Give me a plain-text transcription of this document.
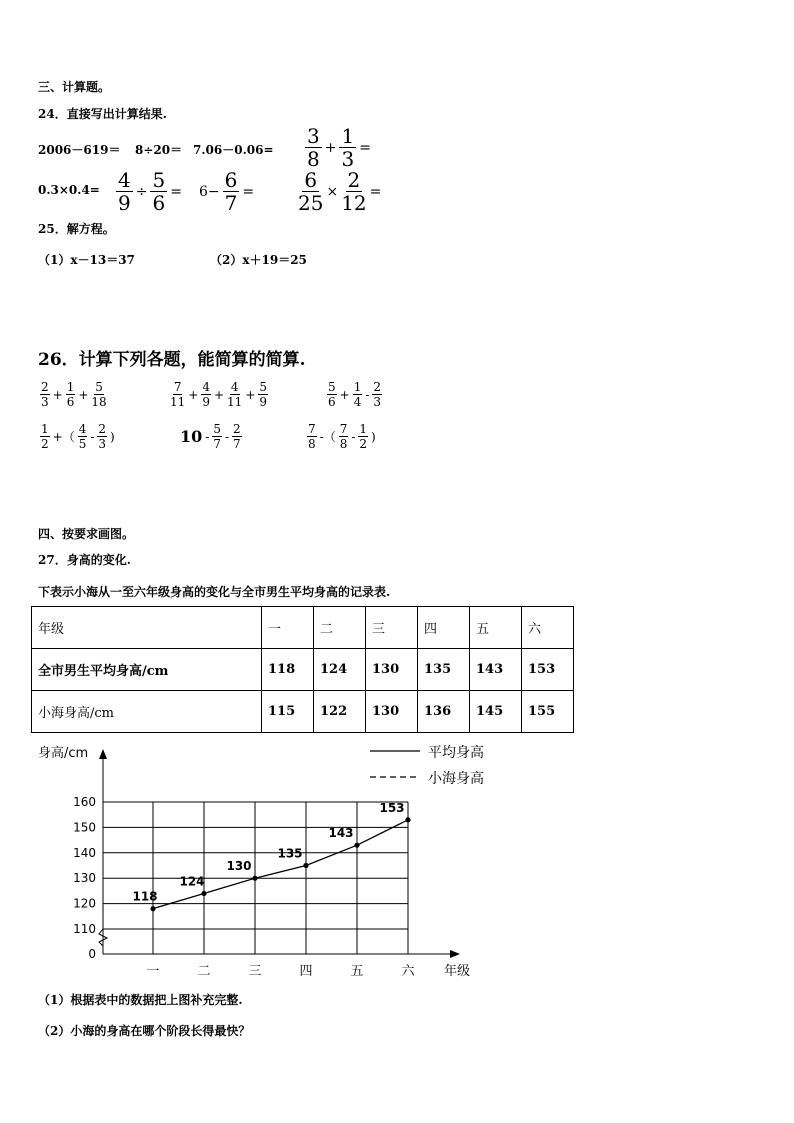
三、计算题。
24．直接写出计算结果.
$2006-619= 8\div 20= 7.06-0.06= \frac{3}{8} + \frac{1}{3}$ =
$0.3\times 0.4= \frac{4}{9} \div \frac{5}{6} = 6- \frac{6}{7} = \frac{6}{25} \times \frac{2}{12}$ =
25．解方程。
（1）x－13＝37	（2）x＋19＝25
26．计算下列各题，能简算的简算.
$\frac{2}{3} + \frac{1}{6} + \frac{5}{18}$	$\frac{7}{11} + \frac{4}{9} + \frac{4}{11} + \frac{5}{9}$	$\frac{5}{6} + \frac{1}{4} - \frac{2}{3}$
$\frac{1}{2}$ +（ $\frac{4}{5} - \frac{2}{3}$ )	$10 - \frac{5}{7} - \frac{2}{7}$	$\frac{7}{8}$ -（ $\frac{7}{8} - \frac{1}{2}$ )
四、按要求画图。
27．身高的变化.
下表示小海从一至六年级身高的变化与全市男生平均身高的记录表.
年级	一	二	三	四	五	六
全市男生平均身高/cm	118	124	130	135	143	153
小海身高/cm	115	122	130	136	145	155
160
150
140
130
120
110
0
身高/cm
一	二	三	四	五	六 年级
平均身高
小海身高
118
124
130
135
143
153
（1）根据表中的数据把上图补充完整.
（2）小海的身高在哪个阶段长得最快？
